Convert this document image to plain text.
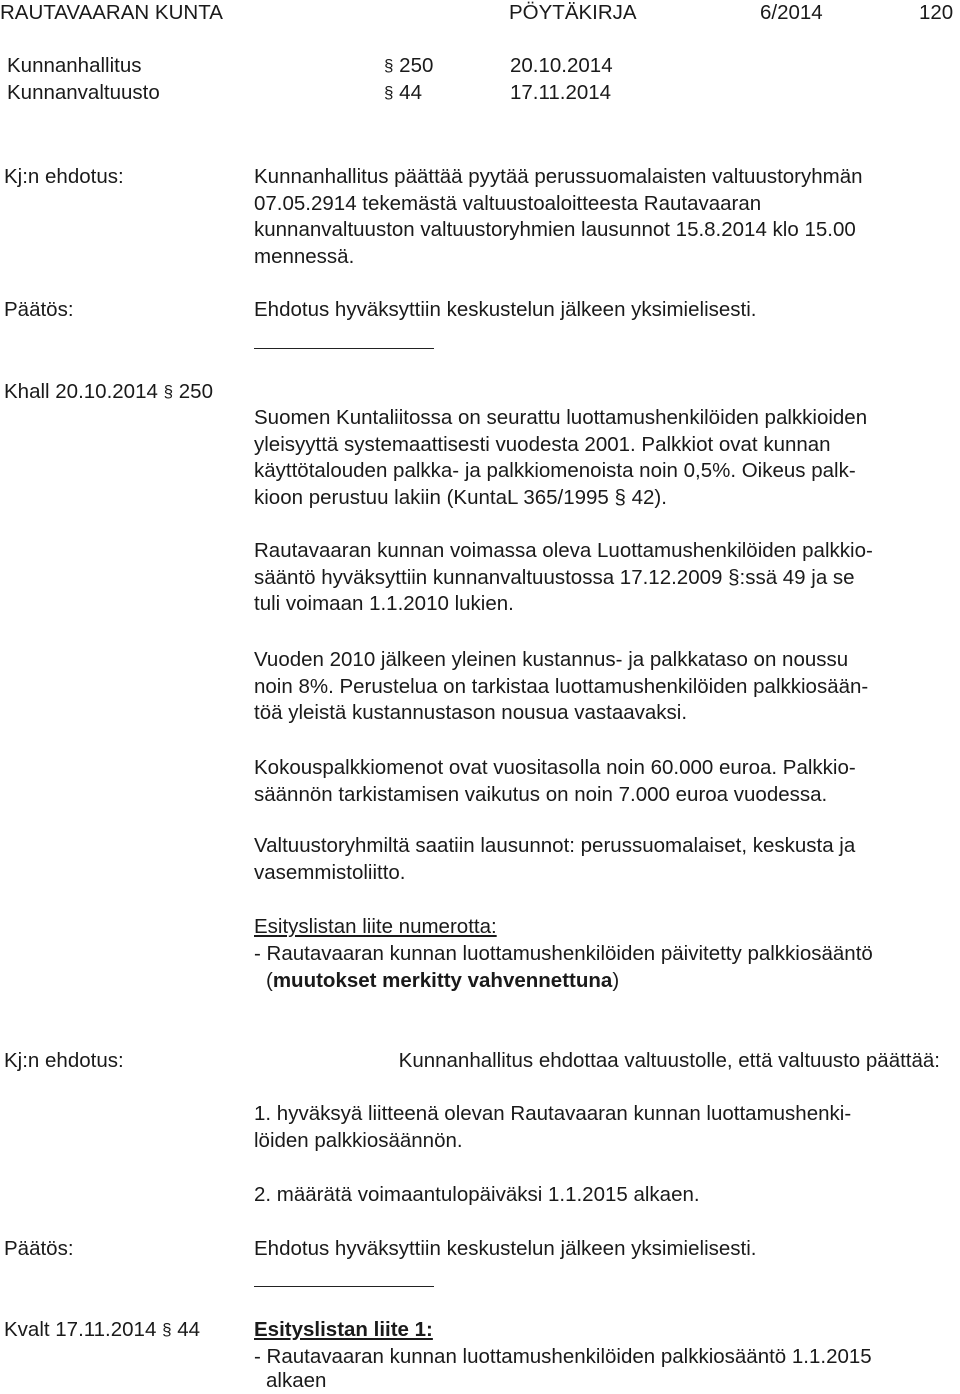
RAUTAVAARAN KUNTA	PÖYTÄKIRJA	6/2014	120
Kunnanhallitus	§ 250	20.10.2014
Kunnanvaltuusto	§ 44	17.11.2014
Kj:n ehdotus:	Kunnanhallitus päättää pyytää perussuomalaisten valtuustoryhmän
07.05.2914 tekemästä valtuustoaloitteesta Rautavaaran
kunnanvaltuuston valtuustoryhmien lausunnot 15.8.2014 klo 15.00
mennessä.
Päätös:	Ehdotus hyväksyttiin keskustelun jälkeen yksimielisesti.
Khall 20.10.2014 § 250
Suomen Kuntaliitossa on seurattu luottamushenkilöiden palkkioiden
yleisyyttä systemaattisesti vuodesta 2001. Palkkiot ovat kunnan
käyttötalouden palkka- ja palkkiomenoista noin 0,5%. Oikeus palk-
kioon perustuu lakiin (KuntaL 365/1995 § 42).
Rautavaaran kunnan voimassa oleva Luottamushenkilöiden palkkio-
sääntö hyväksyttiin kunnanvaltuustossa 17.12.2009 §:ssä 49 ja se
tuli voimaan 1.1.2010 lukien.
Vuoden 2010 jälkeen yleinen kustannus- ja palkkataso on noussu
noin 8%. Perustelua on tarkistaa luottamushenkilöiden palkkiosään-
töä yleistä kustannustason nousua vastaavaksi.
Kokouspalkkiomenot ovat vuositasolla noin 60.000 euroa. Palkkio-
säännön tarkistamisen vaikutus on noin 7.000 euroa vuodessa.
Valtuustoryhmiltä saatiin lausunnot: perussuomalaiset, keskusta ja
vasemmistoliitto.
Esityslistan liite numerotta:
- Rautavaaran kunnan luottamushenkilöiden päivitetty palkkiosääntö
(muutokset merkitty vahvennettuna)
Kj:n ehdotus:	Kunnanhallitus ehdottaa valtuustolle, että valtuusto päättää:
1. hyväksyä liitteenä olevan Rautavaaran kunnan luottamushenki-
löiden palkkiosäännön.
2. määrätä voimaantulopäiväksi 1.1.2015 alkaen.
Päätös:	Ehdotus hyväksyttiin keskustelun jälkeen yksimielisesti.
Kvalt 17.11.2014 § 44	Esityslistan liite 1:
- Rautavaaran kunnan luottamushenkilöiden palkkiosääntö 1.1.2015
alkaen
